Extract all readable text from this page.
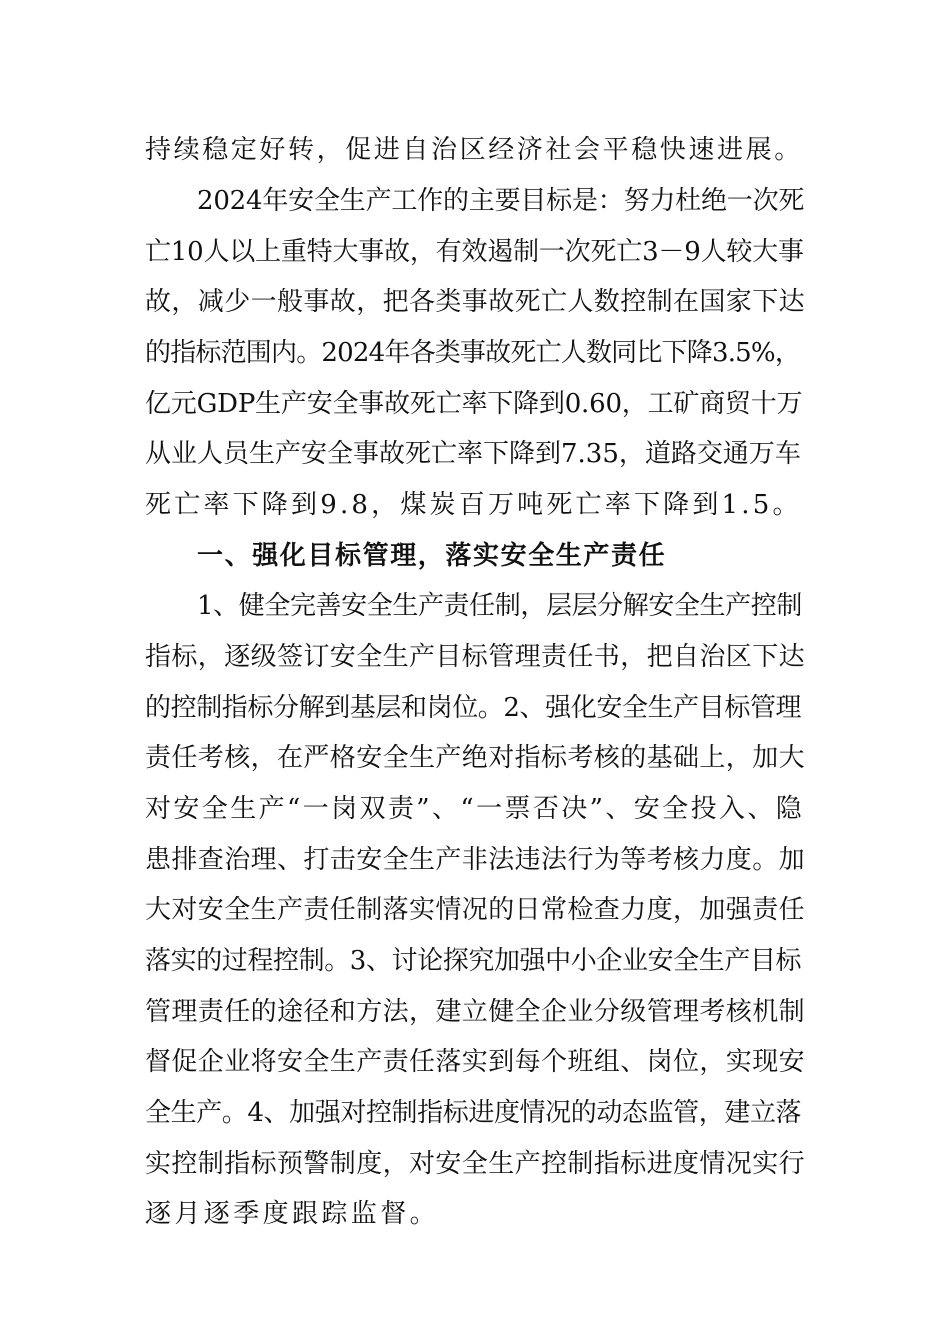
持续稳定好转，促进自治区经济社会平稳快速进展。

2024年安全生产工作的主要目标是：努力杜绝一次死

亡10人以上重特大事故，有效遏制一次死亡3－9人较大事

故，减少一般事故，把各类事故死亡人数控制在国家下达

的指标范围内。2024年各类事故死亡人数同比下降3.5%，

亿元GDP生产安全事故死亡率下降到0.60，工矿商贸十万

从业人员生产安全事故死亡率下降到7.35，道路交通万车

死亡率下降到9.8，煤炭百万吨死亡率下降到1.5。

一、强化目标管理，落实安全生产责任

1、健全完善安全生产责任制，层层分解安全生产控制

指标，逐级签订安全生产目标管理责任书，把自治区下达

的控制指标分解到基层和岗位。2、强化安全生产目标管理

责任考核，在严格安全生产绝对指标考核的基础上，加大

对安全生产“一岗双责”、“一票否决”、安全投入、隐

患排查治理、打击安全生产非法违法行为等考核力度。加

大对安全生产责任制落实情况的日常检查力度，加强责任

落实的过程控制。3、讨论探究加强中小企业安全生产目标

管理责任的途径和方法，建立健全企业分级管理考核机制

督促企业将安全生产责任落实到每个班组、岗位，实现安

全生产。4、加强对控制指标进度情况的动态监管，建立落

实控制指标预警制度，对安全生产控制指标进度情况实行

逐月逐季度跟踪监督。
